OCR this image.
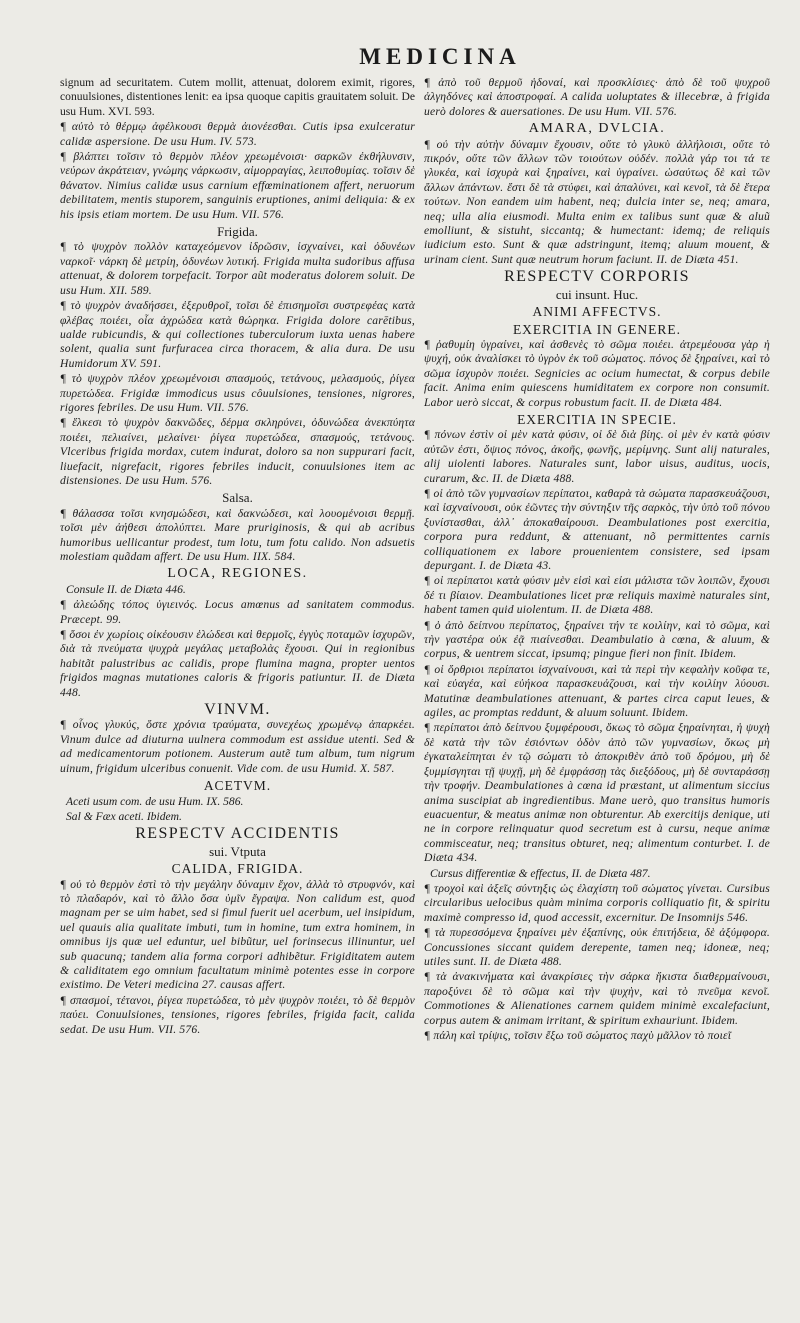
MEDICINA
signum ad securitatem. Cutem mollit, attenuat, dolorem eximit, rigores, conuulsiones, distentiones lenit: ea ipsa quoque capitis grauitatem soluit. De usu Hum. XVI. 593.
¶ αὐτὸ τὸ θέρμῳ ἀφέλκουσι θερμὰ ἀιονέεσθαι. Cutis ipsa exulceratur calidæ aspersione. De usu Hum. IV. 573.
¶ βλάπτει τοῖσιν τὸ θερμὸν πλέον χρεωμένοισι· σαρκῶν ἐκθήλυνσιν, νεύρων ἀκράτειαν, γνώμης νάρκωσιν, αἱμορραγίας, λειποθυμίας. τοῖσιν δὲ θάνατον. Nimius calidæ usus carnium effœminationem affert, neruorum debilitatem, mentis stuporem, sanguinis eruptiones, animi deliquia: & ex his ipsis etiam mortem. De usu Hum. VII. 576.
Frigida.
¶ τὸ ψυχρὸν πολλὸν καταχεόμενον ἱδρῶσιν, ἰσχναίνει, καὶ ὀδυνέων ναρκοῖ· νάρκη δὲ μετρίη, ὀδυνέων λυτική. Frigida multa sudoribus affusa attenuat, & dolorem torpefacit. Torpor aũt moderatus dolorem soluit. De usu Hum. XII. 589.
¶ τὸ ψυχρὸν ἀναδήσσει, ἐξερυθροῖ, τοῖσι δὲ ἐπισημοῖσι συστρεφέας κατὰ φλέβας ποιέει, οἷα ἀχρώδεα κατὰ θώρηκα. Frigida dolore carētibus, ualde rubicundis, & qui collectiones tuberculorum iuxta uenas habere solent, qualia sunt furfuracea circa thoracem, & alia dura. De usu Humidorum XV. 591.
¶ τὸ ψυχρὸν πλέον χρεωμένοισι σπασμούς, τετάνους, μελασμούς, ῥίγεα πυρετώδεα. Frigidæ immodicus usus côuulsiones, tensiones, nigrores, rigores febriles. De usu Hum. VII. 576.
¶ ἕλκεσι τὸ ψυχρὸν δακνῶδες, δέρμα σκληρύνει, ὀδυνώδεα ἀνεκπύητα ποιέει, πελιαίνει, μελαίνει· ῥίγεα πυρετώδεα, σπασμούς, τετάνους. Vlceribus frigida mordax, cutem indurat, doloro sa non suppurari facit, liuefacit, nigrefacit, rigores febriles inducit, conuulsiones item ac distensiones. De usu Hum. 576.
Salsa.
¶ θάλασσα τοῖσι κνησμώδεσι, καὶ δακνώδεσι, καὶ λουομένοισι θερμῇ. τοῖσι μὲν ἀήθεσι ἀπολύπτει. Mare pruriginosis, & qui ab acribus humoribus uellicantur prodest, tum lotu, tum fotu calido. Non adsuetis molestiam quãdam affert. De usu Hum. IIX. 584.
LOCA, REGIONES.
Consule II. de Diæta 446.
¶ ἀλεώδης τόπος ὑγιεινός. Locus amœnus ad sanitatem commodus. Præcept. 99.
¶ ὅσοι ἐν χωρίοις οἰκέουσιν ἑλώδεσι καὶ θερμοῖς, ἐγγὺς ποταμῶν ἰσχυρῶν, διὰ τὰ πνεύματα ψυχρὰ μεγάλας μεταβολὰς ἔχουσι. Qui in regionibus habitãt palustribus ac calidis, prope flumina magna, propter uentos frigidos magnas mutationes caloris & frigoris patiuntur. II. de Diæta 448.
VINVM.
¶ οἶνος γλυκύς, ὅστε χρόνια τραύματα, συνεχέως χρωμένῳ ἀπαρκέει. Vinum dulce ad diuturna uulnera commodum est assidue utenti. Sed & ad medicamentorum potionem. Austerum autẽ tum album, tum nigrum uinum, frigidum ulceribus conuenit. Vide com. de usu Humid. X. 587.
ACETVM.
Aceti usum com. de usu Hum. IX. 586.
Sal & Fæx aceti. Ibidem.
RESPECTV ACCIDENTIS
sui. Vtputa
CALIDA, FRIGIDA.
¶ οὐ τὸ θερμὸν ἐστὶ τὸ τὴν μεγάλην δύναμιν ἔχον, ἀλλὰ τὸ στρυφνόν, καὶ τὸ πλαδαρόν, καὶ τὸ ἄλλο ὅσα ὑμῖν ἔγραψα. Non calidum est, quod magnam per se uim habet, sed si fimul fuerit uel acerbum, uel insipidum, uel quauis alia qualitate imbuti, tum in homine, tum extra hominem, in omnibus ijs quæ uel eduntur, uel bibũtur, uel forinsecus illinuntur, uel sub quacunq; tandem alia forma corpori adhibẽtur. Frigiditatem autem & caliditatem ego omnium facultatum minimè potentes esse in corpore existimo. De Veteri medicina 27. causas affert.
¶ σπασμοί, τέτανοι, ῥίγεα πυρετώδεα, τὸ μὲν ψυχρὸν ποιέει, τὸ δὲ θερμὸν παύει. Conuulsiones, tensiones, rigores febriles, frigida facit, calida sedat. De usu Hum. VII. 576.
¶ ἀπὸ τοῦ θερμοῦ ἡδοναί, καὶ προσκλίσιες· ἀπὸ δὲ τοῦ ψυχροῦ ἀλγηδόνες καὶ ἀποστροφαί. A calida uoluptates & illecebræ, à frigida uerò dolores & auersationes. De usu Hum. VII. 576.
AMARA, DVLCIA.
¶ οὐ τὴν αὐτὴν δύναμιν ἔχουσιν, οὔτε τὸ γλυκὺ ἀλλήλοισι, οὔτε τὸ πικρόν, οὔτε τῶν ἄλλων τῶν τοιούτων οὐδέν. πολλὰ γάρ τοι τά τε γλυκέα, καὶ ἰσχυρὰ καὶ ξηραίνει, καὶ ὑγραίνει. ὡσαύτως δὲ καὶ τῶν ἄλλων ἁπάντων. ἔστι δὲ τὰ στύφει, καὶ ἀπαλύνει, καὶ κενοῖ, τὰ δὲ ἕτερα τούτων. Non eandem uim habent, neq; dulcia inter se, neq; amara, neq; ulla alia eiusmodi. Multa enim ex talibus sunt quæ & aluũ emolliunt, & sistuht, siccantq; & humectant: idemq; de reliquis iudicium esto. Sunt & quæ adstringunt, itemq; aluum mouent, & urinam cient. Sunt quæ neutrum horum faciunt. II. de Diæta 451.
RESPECTV CORPORIS
cui insunt. Huc.
ANIMI AFFECTVS.
EXERCITIA IN GENERE.
¶ ῥαθυμίη ὑγραίνει, καὶ ἀσθενὲς τὸ σῶμα ποιέει. ἀτρεμέουσα γὰρ ἡ ψυχή, οὐκ ἀναλίσκει τὸ ὑγρὸν ἐκ τοῦ σώματος. πόνος δὲ ξηραίνει, καὶ τὸ σῶμα ἰσχυρὸν ποιέει. Segnicies ac ocium humectat, & corpus debile facit. Anima enim quiescens humiditatem ex corpore non consumit. Labor uerò siccat, & corpus robustum facit. II. de Diæta 484.
EXERCITIA IN SPECIE.
¶ πόνων ἐστὶν οἱ μὲν κατὰ φύσιν, οἱ δὲ διὰ βίης. οἱ μὲν ἐν κατὰ φύσιν αὐτῶν ἐστι, ὄψιος πόνος, ἀκοῆς, φωνῆς, μερίμνης. Sunt alij naturales, alij uiolenti labores. Naturales sunt, labor uisus, auditus, uocis, curarum, &c. II. de Diæta 488.
¶ οἱ ἀπὸ τῶν γυμνασίων περίπατοι, καθαρὰ τὰ σώματα παρασκευάζουσι, καὶ ἰσχναίνουσι, οὐκ ἐῶντες τὴν σύντηξιν τῆς σαρκὸς, τὴν ὑπὸ τοῦ πόνου ξυνίστασθαι, ἀλλ᾽ ἀποκαθαίρουσι. Deambulationes post exercitia, corpora pura reddunt, & attenuant, nõ permittentes carnis colliquationem ex labore prouenientem consistere, sed ipsam depurgant. I. de Diæta 43.
¶ οἱ περίπατοι κατὰ φύσιν μὲν εἰσὶ καὶ εἰσι μάλιστα τῶν λοιπῶν, ἔχουσι δέ τι βίαιον. Deambulationes licet præ reliquis maximè naturales sint, habent tamen quid uiolentum. II. de Diæta 488.
¶ ὁ ἀπὸ δείπνου περίπατος, ξηραίνει τήν τε κοιλίην, καὶ τὸ σῶμα, καὶ τὴν γαστέρα οὐκ ἐᾷ πιαίνεσθαι. Deambulatio à cœna, & aluum, & corpus, & uentrem siccat, ipsumq; pingue fieri non finit. Ibidem.
¶ οἱ ὄρθριοι περίπατοι ἰσχναίνουσι, καὶ τὰ περὶ τὴν κεφαλὴν κοῦφα τε, καὶ εὐαγέα, καὶ εὐήκοα παρασκευάζουσι, καὶ τὴν κοιλίην λύουσι. Matutinæ deambulationes attenuant, & partes circa caput leues, & agiles, ac promptas reddunt, & aluum soluunt. Ibidem.
¶ περίπατοι ἀπὸ δείπνου ξυμφέρουσι, ὅκως τὸ σῶμα ξηραίνηται, ἡ ψυχὴ δὲ κατὰ τὴν τῶν ἐσιόντων ὁδὸν ἀπὸ τῶν γυμνασίων, ὅκως μὴ ἐγκαταλείπηται ἐν τῷ σώματι τὸ ἀποκριθὲν ἀπὸ τοῦ δρόμου, μὴ δὲ ξυμμίσγηται τῇ ψυχῇ, μὴ δὲ ἐμφράσσῃ τὰς διεξόδους, μὴ δὲ συνταράσσῃ τὴν τροφήν. Deambulationes à cœna id præstant, ut alimentum siccius anima suscipiat ab ingredientibus. Mane uerò, quo transitus humoris euacuentur, & meatus animæ non obturentur. Ab exercitijs denique, uti ne in corpore relinquatur quod secretum est à cursu, neque animæ commisceatur, neq; transitus obturet, neq; alimentum conturbet. I. de Diæta 434.
Cursus differentiæ & effectus, II. de Diæta 487.
¶ τροχοὶ καὶ ἀξεῖς σύντηξις ὡς ἐλαχίστη τοῦ σώματος γίνεται. Cursibus circularibus uelocibus quàm minima corporis colliquatio fit, & spiritu maximè compresso id, quod accessit, excernitur. De Insomnijs 546.
¶ τὰ πυρεσσόμενα ξηραίνει μὲν ἐξαπίνης, οὐκ ἐπιτήδεια, δὲ ἀξύμφορα. Concussiones siccant quidem derepente, tamen neq; idoneæ, neq; utiles sunt. II. de Diæta 488.
¶ τὰ ἀνακινήματα καὶ ἀνακρίσιες τὴν σάρκα ἥκιστα διαθερμαίνουσι, παροξύνει δὲ τὸ σῶμα καὶ τὴν ψυχὴν, καὶ τὸ πνεῦμα κενοῖ. Commotiones & Alienationes carnem quidem minimè excalefaciunt, corpus autem & animam irritant, & spiritum exhauriunt. Ibidem.
¶ πάλη καὶ τρίψις, τοῖσιν ἔξω τοῦ σώματος παχὺ μᾶλλον τὸ ποιεῖ
